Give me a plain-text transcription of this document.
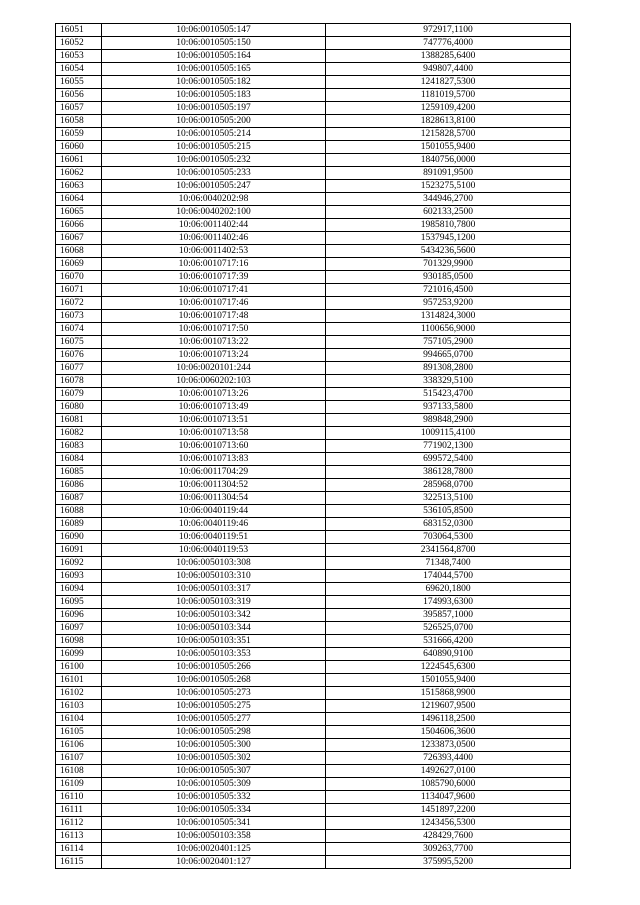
16051	10:06:0010505:147	972917,1100
16052	10:06:0010505:150	747776,4000
16053	10:06:0010505:164	1388285,6400
16054	10:06:0010505:165	949807,4400
16055	10:06:0010505:182	1241827,5300
16056	10:06:0010505:183	1181019,5700
16057	10:06:0010505:197	1259109,4200
16058	10:06:0010505:200	1828613,8100
16059	10:06:0010505:214	1215828,5700
16060	10:06:0010505:215	1501055,9400
16061	10:06:0010505:232	1840756,0000
16062	10:06:0010505:233	891091,9500
16063	10:06:0010505:247	1523275,5100
16064	10:06:0040202:98	344946,2700
16065	10:06:0040202:100	602133,2500
16066	10:06:0011402:44	1985810,7800
16067	10:06:0011402:46	1537945,1200
16068	10:06:0011402:53	5434236,5600
16069	10:06:0010717:16	701329,9900
16070	10:06:0010717:39	930185,0500
16071	10:06:0010717:41	721016,4500
16072	10:06:0010717:46	957253,9200
16073	10:06:0010717:48	1314824,3000
16074	10:06:0010717:50	1100656,9000
16075	10:06:0010713:22	757105,2900
16076	10:06:0010713:24	994665,0700
16077	10:06:0020101:244	891308,2800
16078	10:06:0060202:103	338329,5100
16079	10:06:0010713:26	515423,4700
16080	10:06:0010713:49	937133,5800
16081	10:06:0010713:51	989848,2900
16082	10:06:0010713:58	1009115,4100
16083	10:06:0010713:60	771902,1300
16084	10:06:0010713:83	699572,5400
16085	10:06:0011704:29	386128,7800
16086	10:06:0011304:52	285968,0700
16087	10:06:0011304:54	322513,5100
16088	10:06:0040119:44	536105,8500
16089	10:06:0040119:46	683152,0300
16090	10:06:0040119:51	703064,5300
16091	10:06:0040119:53	2341564,8700
16092	10:06:0050103:308	71348,7400
16093	10:06:0050103:310	174044,5700
16094	10:06:0050103:317	69620,1800
16095	10:06:0050103:319	174993,6300
16096	10:06:0050103:342	395857,1000
16097	10:06:0050103:344	526525,0700
16098	10:06:0050103:351	531666,4200
16099	10:06:0050103:353	640890,9100
16100	10:06:0010505:266	1224545,6300
16101	10:06:0010505:268	1501055,9400
16102	10:06:0010505:273	1515868,9900
16103	10:06:0010505:275	1219607,9500
16104	10:06:0010505:277	1496118,2500
16105	10:06:0010505:298	1504606,3600
16106	10:06:0010505:300	1233873,0500
16107	10:06:0010505:302	726393,4400
16108	10:06:0010505:307	1492627,0100
16109	10:06:0010505:309	1085790,6000
16110	10:06:0010505:332	1134047,9600
16111	10:06:0010505:334	1451897,2200
16112	10:06:0010505:341	1243456,5300
16113	10:06:0050103:358	428429,7600
16114	10:06:0020401:125	309263,7700
16115	10:06:0020401:127	375995,5200
